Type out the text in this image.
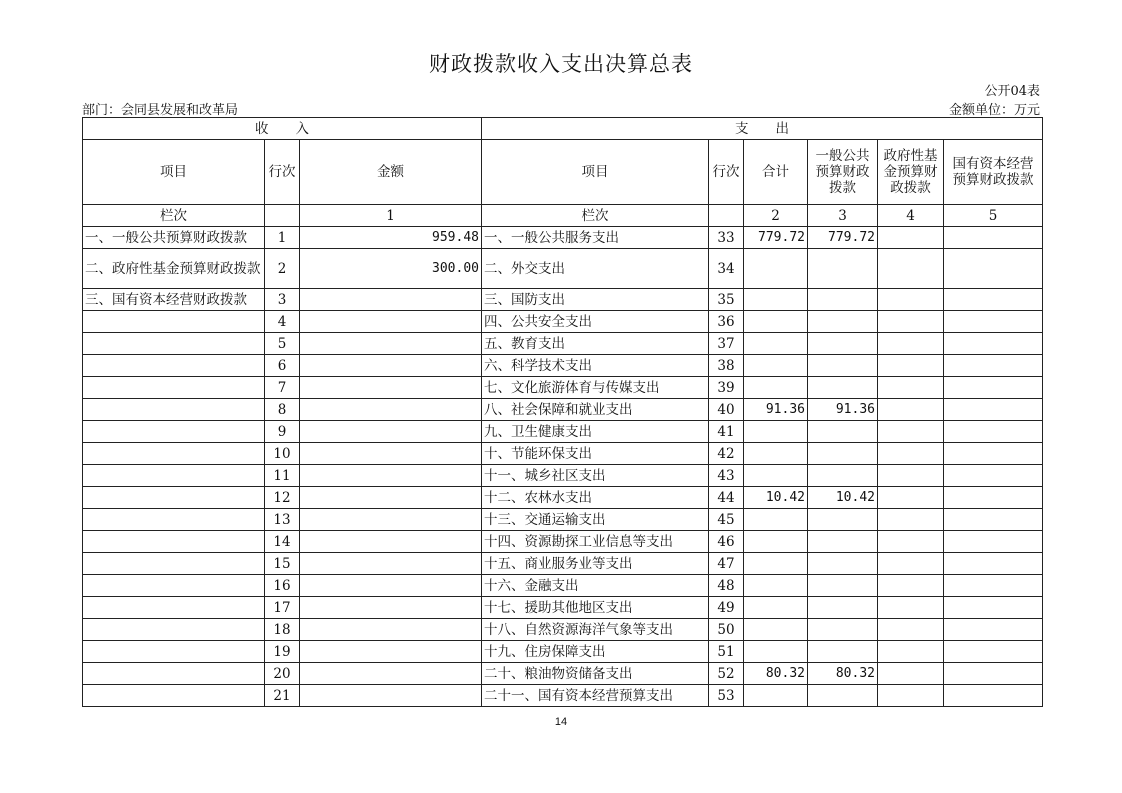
财政拨款收入支出决算总表
公开04表
部门：会同县发展和改革局	金额单位：万元
收　　入			支　　出					
项目	行次	金额	项目	行次	合计	一般公共预算财政拨款	政府性基金预算财政拨款	国有资本经营预算财政拨款
栏次		1	栏次		2	3	4	5
一、一般公共预算财政拨款	1	959.48	一、一般公共服务支出	33	779.72	779.72		
二、政府性基金预算财政拨款	2	300.00	二、外交支出	34				
三、国有资本经营财政拨款	3		三、国防支出	35				
	4		四、公共安全支出	36				
	5		五、教育支出	37				
	6		六、科学技术支出	38				
	7		七、文化旅游体育与传媒支出	39				
	8		八、社会保障和就业支出	40	91.36	91.36		
	9		九、卫生健康支出	41				
	10		十、节能环保支出	42				
	11		十一、城乡社区支出	43				
	12		十二、农林水支出	44	10.42	10.42		
	13		十三、交通运输支出	45				
	14		十四、资源勘探工业信息等支出	46				
	15		十五、商业服务业等支出	47				
	16		十六、金融支出	48				
	17		十七、援助其他地区支出	49				
	18		十八、自然资源海洋气象等支出	50				
	19		十九、住房保障支出	51				
	20		二十、粮油物资储备支出	52	80.32	80.32		
	21		二十一、国有资本经营预算支出	53				
14
